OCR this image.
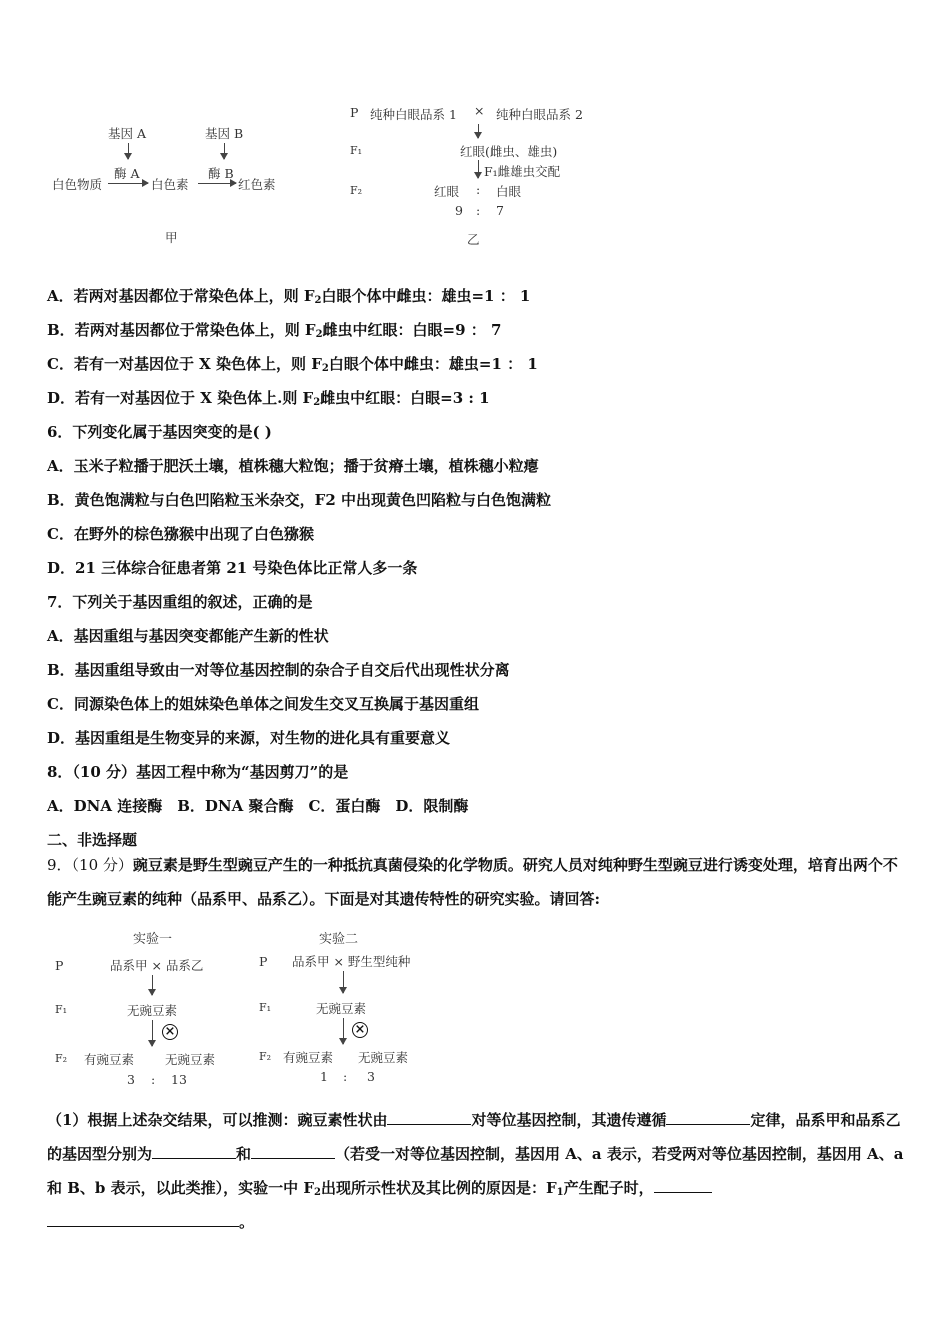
基因 A	基因 B
酶 A	酶 B
白色物质 → 白色素 → 红色素
甲
P 纯种白眼品系 1 × 纯种白眼品系 2
F₁	红眼(雌虫、雄虫)
F₁雌雄虫交配
F₂	红眼 : 白眼
9 : 7
乙
A．若两对基因都位于常染色体上，则 $F_2$白眼个体中雌虫：雄虫=1 ： 1
B．若两对基因都位于常染色体上，则 $F_2$雌虫中红眼：白眼=9 ： 7
C．若有一对基因位于 X 染色体上，则 $F_2$白眼个体中雌虫：雄虫=1 ： 1
D．若有一对基因位于 X 染色体上.则 $F_2$雌虫中红眼：白眼=3 : 1
6．下列变化属于基因突变的是( )
A．玉米子粒播于肥沃土壤，植株穗大粒饱；播于贫瘠土壤，植株穗小粒瘪
B．黄色饱满粒与白色凹陷粒玉米杂交，F2 中出现黄色凹陷粒与白色饱满粒
C．在野外的棕色猕猴中出现了白色猕猴
D．21 三体综合征患者第 21 号染色体比正常人多一条
7．下列关于基因重组的叙述，正确的是
A．基因重组与基因突变都能产生新的性状
B．基因重组导致由一对等位基因控制的杂合子自交后代出现性状分离
C．同源染色体上的姐妹染色单体之间发生交叉互换属于基因重组
D．基因重组是生物变异的来源，对生物的进化具有重要意义
8．（10 分）基因工程中称为“基因剪刀”的是
A．DNA 连接酶　B．DNA 聚合酶　C．蛋白酶　D．限制酶
二、非选择题
9．（10 分）豌豆素是野生型豌豆产生的一种抵抗真菌侵染的化学物质。研究人员对纯种野生型豌豆进行诱变处理，培育出两个不能产生豌豆素的纯种（品系甲、品系乙）。下面是对其遗传特性的研究实验。请回答:
实验一
P	品系甲 × 品系乙
F₁	无豌豆素
×
F₂ 有豌豆素 无豌豆素
3 : 13
实验二
P 品系甲 × 野生型纯种
F₁	无豌豆素
×
F₂ 有豌豆素 无豌豆素
1 : 3
（1）根据上述杂交结果，可以推测：豌豆素性状由	对等位基因控制，其遗传遵循	定律，品系甲和品系乙的基因型分别为	和	（若受一对等位基因控制，基因用 A、a 表示，若受两对等位基因控制，基因用 A、a 和 B、b 表示，以此类推），实验一中 $F_2$出现所示性状及其比例的原因是：$F_1$产生配子时，
。
